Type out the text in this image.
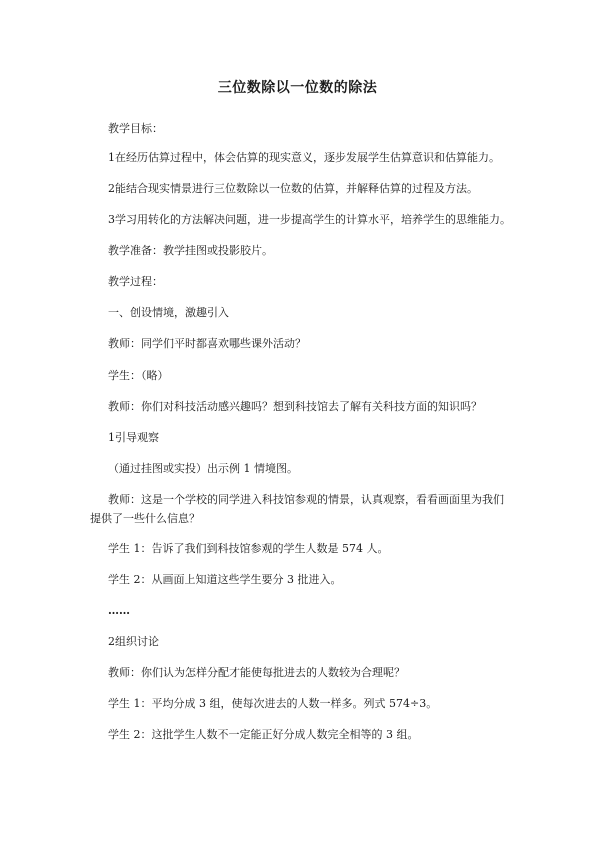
三位数除以一位数的除法
教学目标：
1在经历估算过程中，体会估算的现实意义，逐步发展学生估算意识和估算能力。
2能结合现实情景进行三位数除以一位数的估算，并解释估算的过程及方法。
3学习用转化的方法解决问题，进一步提高学生的计算水平，培养学生的思维能力。
教学准备：教学挂图或投影胶片。
教学过程：
一、创设情境，激趣引入
教师：同学们平时都喜欢哪些课外活动？
学生：（略）
教师：你们对科技活动感兴趣吗？想到科技馆去了解有关科技方面的知识吗？
1引导观察
（通过挂图或实投）出示例 1 情境图。
教师：这是一个学校的同学进入科技馆参观的情景，认真观察，看看画面里为我们提供了一些什么信息？
学生 1：告诉了我们到科技馆参观的学生人数是 574 人。
学生 2：从画面上知道这些学生要分 3 批进入。
……
2组织讨论
教师：你们认为怎样分配才能使每批进去的人数较为合理呢？
学生 1：平均分成 3 组，使每次进去的人数一样多。列式 574÷3。
学生 2：这批学生人数不一定能正好分成人数完全相等的 3 组。
